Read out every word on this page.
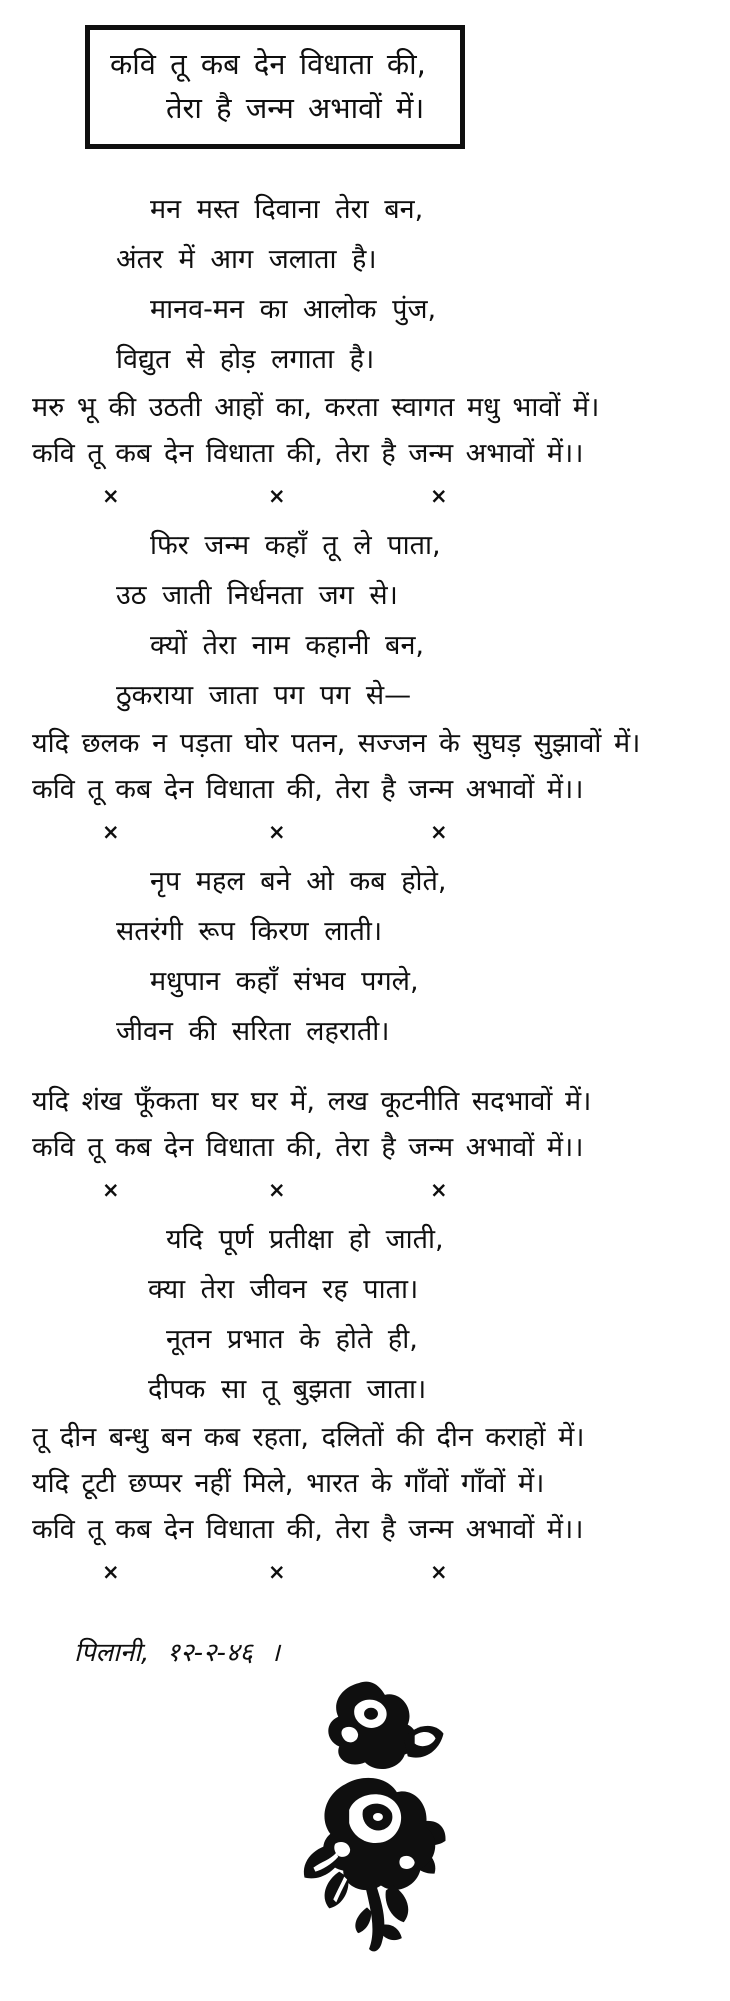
कवि तू कब देन विधाता की,
तेरा है जन्म अभावों में।
मन मस्त दिवाना तेरा बन,
अंतर में आग जलाता है।
मानव-मन का आलोक पुंज,
विद्युत से होड़ लगाता है।
मरु भू की उठती आहों का, करता स्वागत मधु भावों में।
कवि तू कब देन विधाता की, तेरा है जन्म अभावों में।।
×	×	×
फिर जन्म कहाँ तू ले पाता,
उठ जाती निर्धनता जग से।
क्यों तेरा नाम कहानी बन,
ठुकराया जाता पग पग से—
यदि छलक न पड़ता घोर पतन, सज्जन के सुघड़ सुझावों में।
कवि तू कब देन विधाता की, तेरा है जन्म अभावों में।।
×	×	×
नृप महल बने ओ कब होते,
सतरंगी रूप किरण लाती।
मधुपान कहाँ संभव पगले,
जीवन की सरिता लहराती।
यदि शंख फूँकता घर घर में, लख कूटनीति सदभावों में।
कवि तू कब देन विधाता की, तेरा है जन्म अभावों में।।
×	×	×
यदि पूर्ण प्रतीक्षा हो जाती,
क्या तेरा जीवन रह पाता।
नूतन प्रभात के होते ही,
दीपक सा तू बुझता जाता।
तू दीन बन्धु बन कब रहता, दलितों की दीन कराहों में।
यदि टूटी छप्पर नहीं मिले, भारत के गाँवों गाँवों में।
कवि तू कब देन विधाता की, तेरा है जन्म अभावों में।।
×	×	×
पिलानी, १२-२-४६ ।
